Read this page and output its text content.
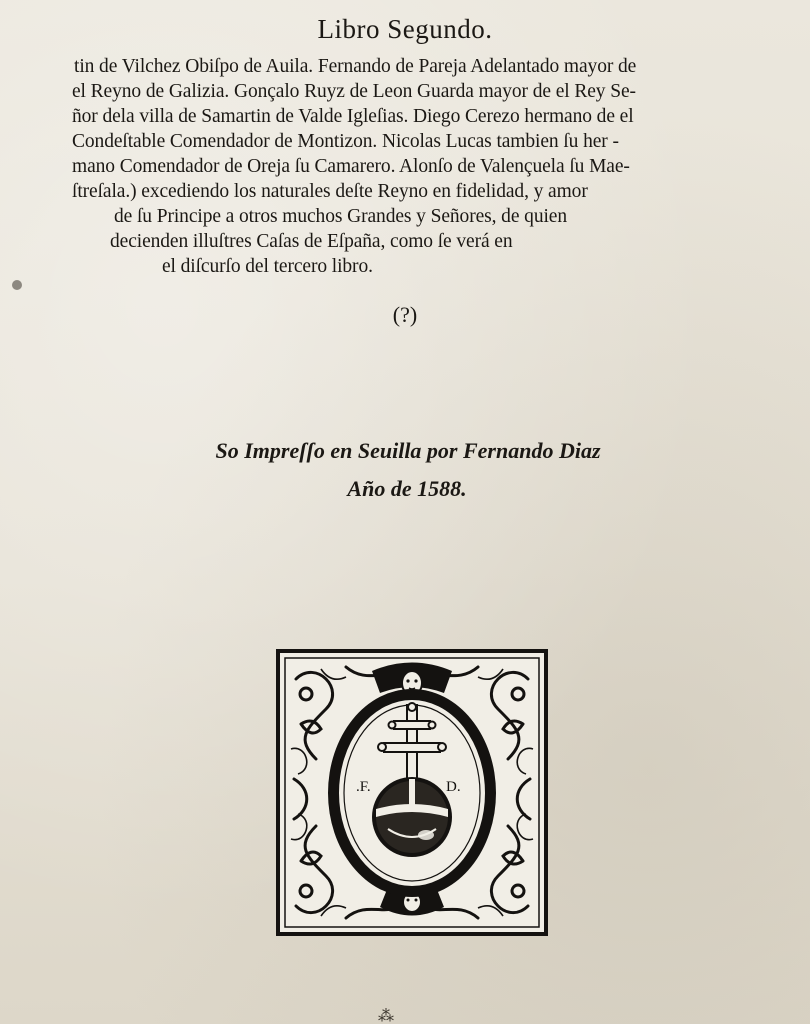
Libro Segundo.
tin de Vilchez Obiſpo de Auila. Fernando de Pareja Adelantado mayor de
el Reyno de Galizia. Gonçalo Ruyz de Leon Guarda mayor de el Rey Se-
ñor dela villa de Samartin de Valde Igleſias. Diego Cerezo hermano de el
Condeſtable Comendador de Montizon. Nicolas Lucas tambien ſu her -
mano Comendador de Oreja ſu Camarero. Alonſo de Valençuela ſu Mae-
ſtreſala.) excediendo los naturales deſte Reyno en fidelidad, y amor
de ſu Principe a otros muchos Grandes y Señores, de quien
decienden illuſtres Caſas de Eſpaña, como ſe verá en
el diſcurſo del tercero libro.
(?)
So Impreſſo en Seuilla por Fernando Diaz
Año de 1588.
.F.	D.
⁂
